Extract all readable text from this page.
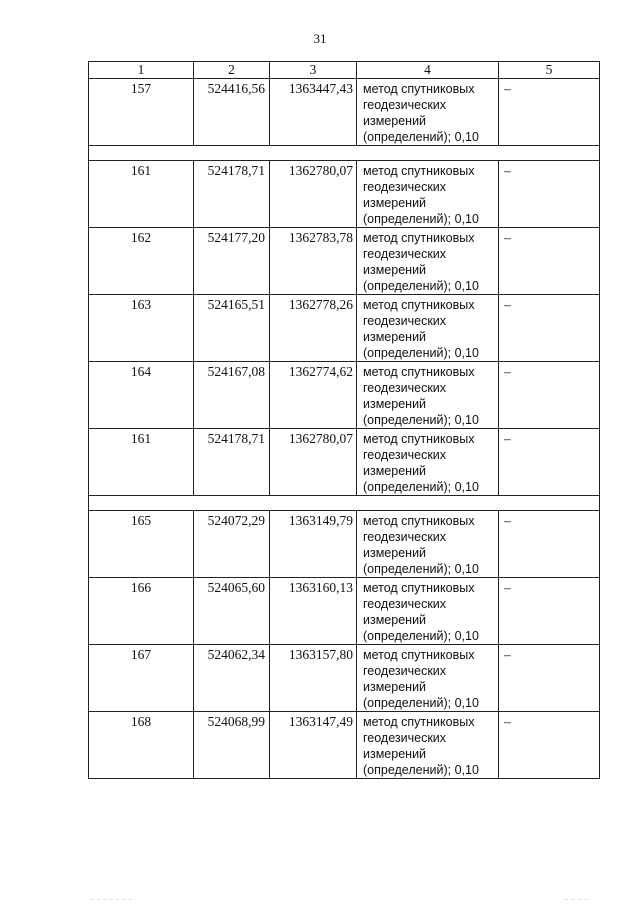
31
1	2	3	4	5
157	524416,56	1363447,43	метод спутниковых
геодезических
измерений
(определений); 0,10	–

161	524178,71	1362780,07	метод спутниковых
геодезических
измерений
(определений); 0,10	–
162	524177,20	1362783,78	метод спутниковых
геодезических
измерений
(определений); 0,10	–
163	524165,51	1362778,26	метод спутниковых
геодезических
измерений
(определений); 0,10	–
164	524167,08	1362774,62	метод спутниковых
геодезических
измерений
(определений); 0,10	–
161	524178,71	1362780,07	метод спутниковых
геодезических
измерений
(определений); 0,10	–

165	524072,29	1363149,79	метод спутниковых
геодезических
измерений
(определений); 0,10	–
166	524065,60	1363160,13	метод спутниковых
геодезических
измерений
(определений); 0,10	–
167	524062,34	1363157,80	метод спутниковых
геодезических
измерений
(определений); 0,10	–
168	524068,99	1363147,49	метод спутниковых
геодезических
измерений
(определений); 0,10	–
_ _ _ _ _ _ _	_ _ _ _
